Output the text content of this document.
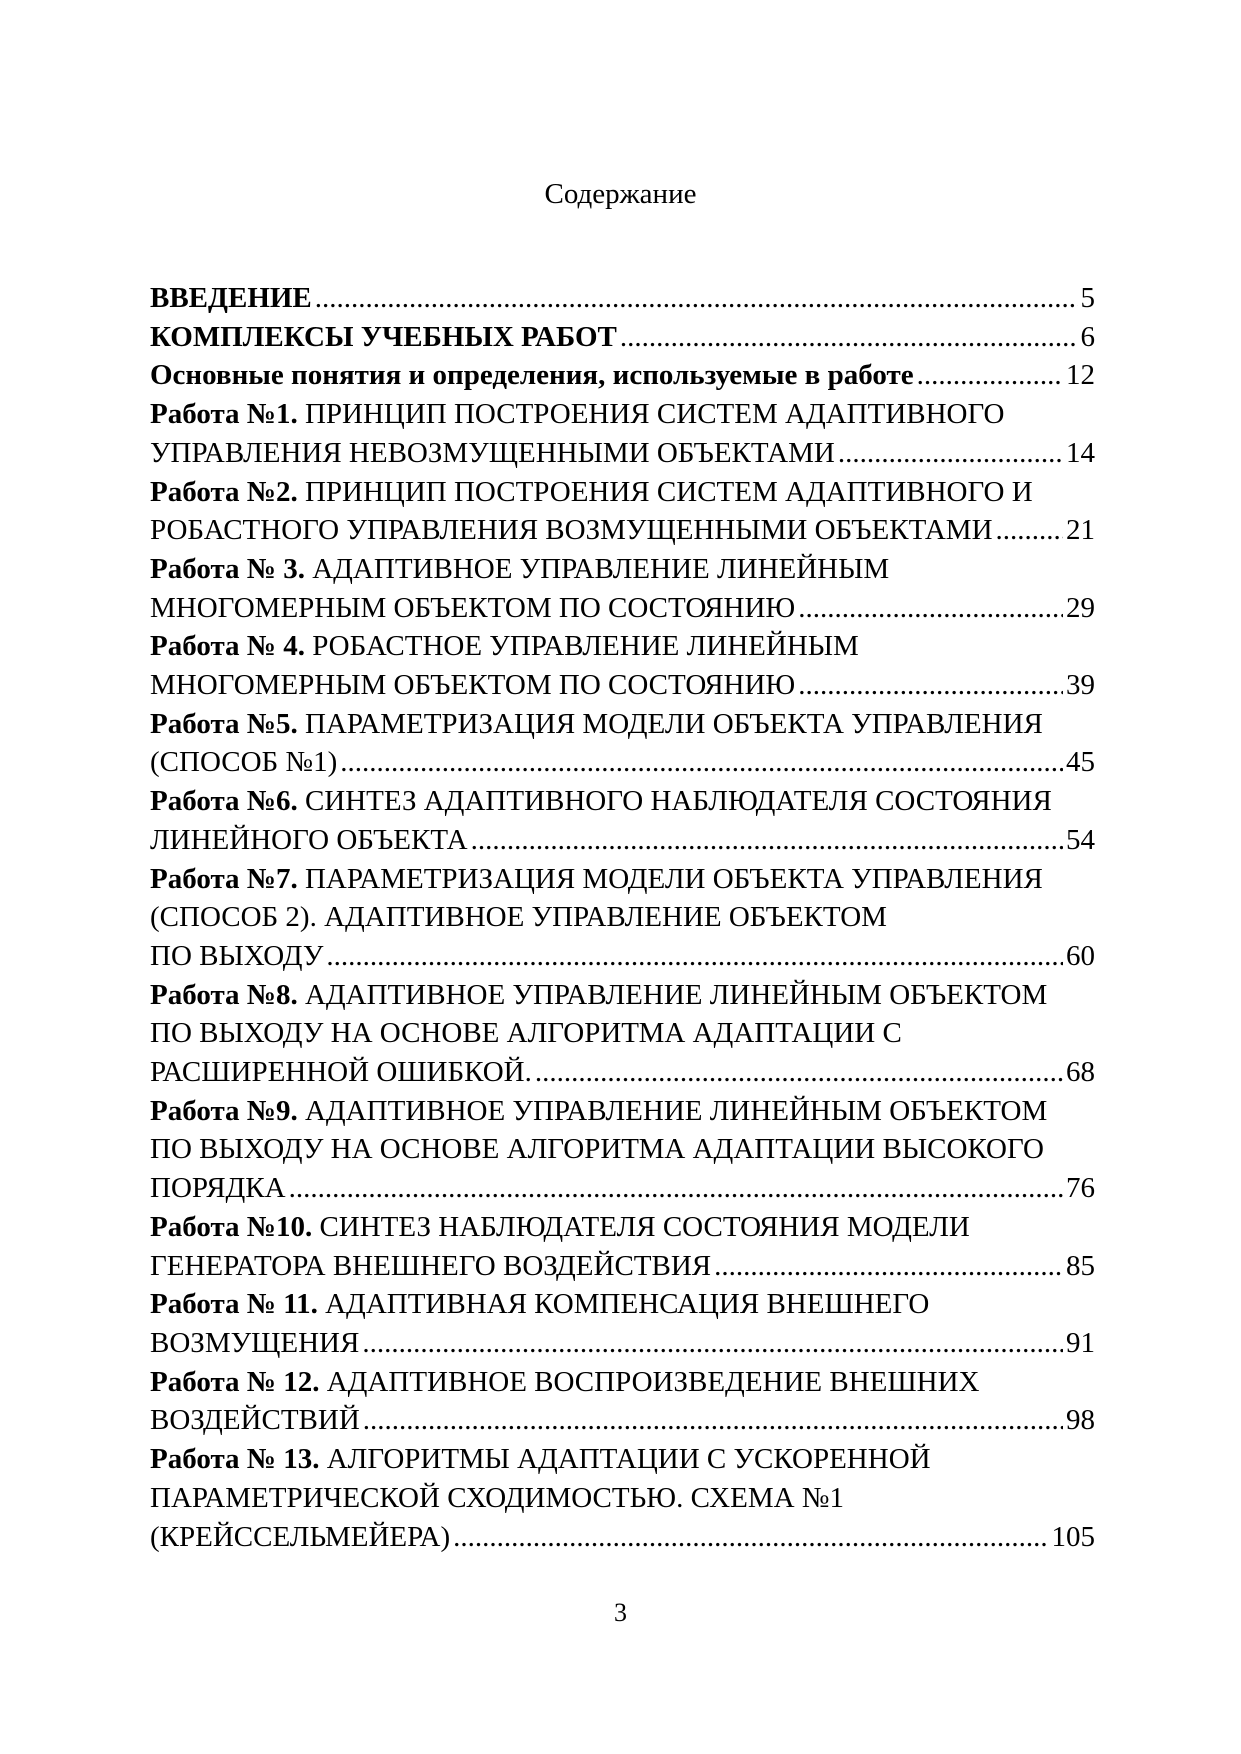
Содержание
ВВЕДЕНИЕ .....	5
КОМПЛЕКСЫ УЧЕБНЫХ РАБОТ .....	6
Основные понятия и определения, используемые в работе .....	12
Работа №1. ПРИНЦИП ПОСТРОЕНИЯ СИСТЕМ АДАПТИВНОГО
УПРАВЛЕНИЯ НЕВОЗМУЩЕННЫМИ ОБЪЕКТАМИ .....	14
Работа №2. ПРИНЦИП ПОСТРОЕНИЯ СИСТЕМ АДАПТИВНОГО И
РОБАСТНОГО УПРАВЛЕНИЯ ВОЗМУЩЕННЫМИ ОБЪЕКТАМИ .....	21
Работа № 3. АДАПТИВНОЕ УПРАВЛЕНИЕ ЛИНЕЙНЫМ
МНОГОМЕРНЫМ ОБЪЕКТОМ ПО СОСТОЯНИЮ .....	29
Работа № 4. РОБАСТНОЕ УПРАВЛЕНИЕ ЛИНЕЙНЫМ
МНОГОМЕРНЫМ ОБЪЕКТОМ ПО СОСТОЯНИЮ .....	39
Работа №5. ПАРАМЕТРИЗАЦИЯ МОДЕЛИ ОБЪЕКТА УПРАВЛЕНИЯ
(СПОСОБ №1) .....	45
Работа №6. СИНТЕЗ АДАПТИВНОГО НАБЛЮДАТЕЛЯ СОСТОЯНИЯ
ЛИНЕЙНОГО ОБЪЕКТА .....	54
Работа №7. ПАРАМЕТРИЗАЦИЯ МОДЕЛИ ОБЪЕКТА УПРАВЛЕНИЯ
(СПОСОБ 2). АДАПТИВНОЕ УПРАВЛЕНИЕ ОБЪЕКТОМ
ПО ВЫХОДУ .....	60
Работа №8. АДАПТИВНОЕ УПРАВЛЕНИЕ ЛИНЕЙНЫМ ОБЪЕКТОМ
ПО ВЫХОДУ НА ОСНОВЕ АЛГОРИТМА АДАПТАЦИИ С
РАСШИРЕННОЙ ОШИБКОЙ. .....	68
Работа №9. АДАПТИВНОЕ УПРАВЛЕНИЕ ЛИНЕЙНЫМ ОБЪЕКТОМ
ПО ВЫХОДУ НА ОСНОВЕ АЛГОРИТМА АДАПТАЦИИ ВЫСОКОГО
ПОРЯДКА .....	76
Работа №10. СИНТЕЗ НАБЛЮДАТЕЛЯ СОСТОЯНИЯ МОДЕЛИ
ГЕНЕРАТОРА ВНЕШНЕГО ВОЗДЕЙСТВИЯ .....	85
Работа № 11. АДАПТИВНАЯ КОМПЕНСАЦИЯ ВНЕШНЕГО
ВОЗМУЩЕНИЯ .....	91
Работа № 12. АДАПТИВНОЕ ВОСПРОИЗВЕДЕНИЕ ВНЕШНИХ
ВОЗДЕЙСТВИЙ .....	98
Работа № 13. АЛГОРИТМЫ АДАПТАЦИИ С УСКОРЕННОЙ
ПАРАМЕТРИЧЕСКОЙ СХОДИМОСТЬЮ. СХЕМА №1
(КРЕЙССЕЛЬМЕЙЕРА) .....	105
3
